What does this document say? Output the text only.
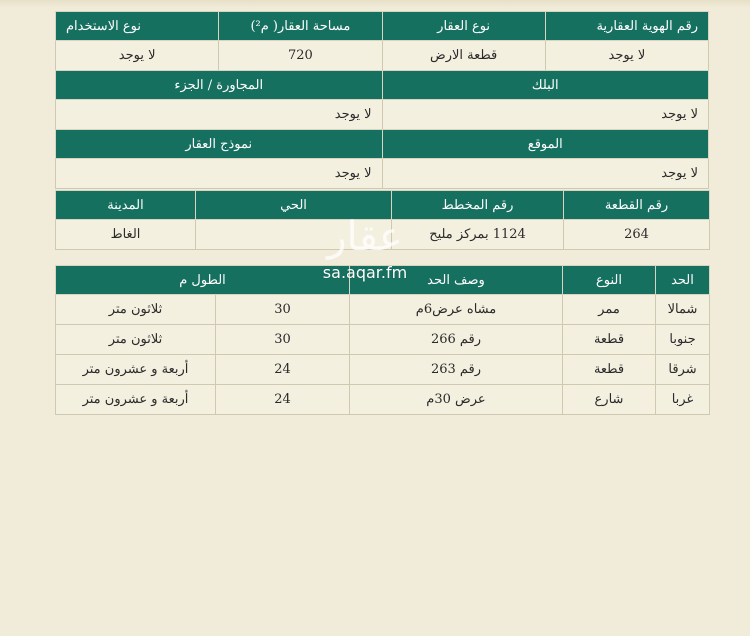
رقم الهوية العقارية	نوع العقار	مساحة العقار( م²)	نوع الاستخدام
لا يوجد	قطعة الارض	720	لا يوجد
البلك	المجاورة / الجزء
لا يوجد	لا يوجد
الموقع	نموذج العقار
لا يوجد	لا يوجد
رقم القطعة	رقم المخطط	الحي	المدينة
264	1124 بمركز مليح		الغاط
الحد	النوع	وصف الحد	الطول م	
شمالا	ممر	مشاه عرض6م	30	ثلاثون متر
جنوبا	قطعة	رقم 266	30	ثلاثون متر
شرقا	قطعة	رقم 263	24	أربعة و عشرون متر
غربا	شارع	عرض 30م	24	أربعة و عشرون متر
عقار
sa.aqar.fm
